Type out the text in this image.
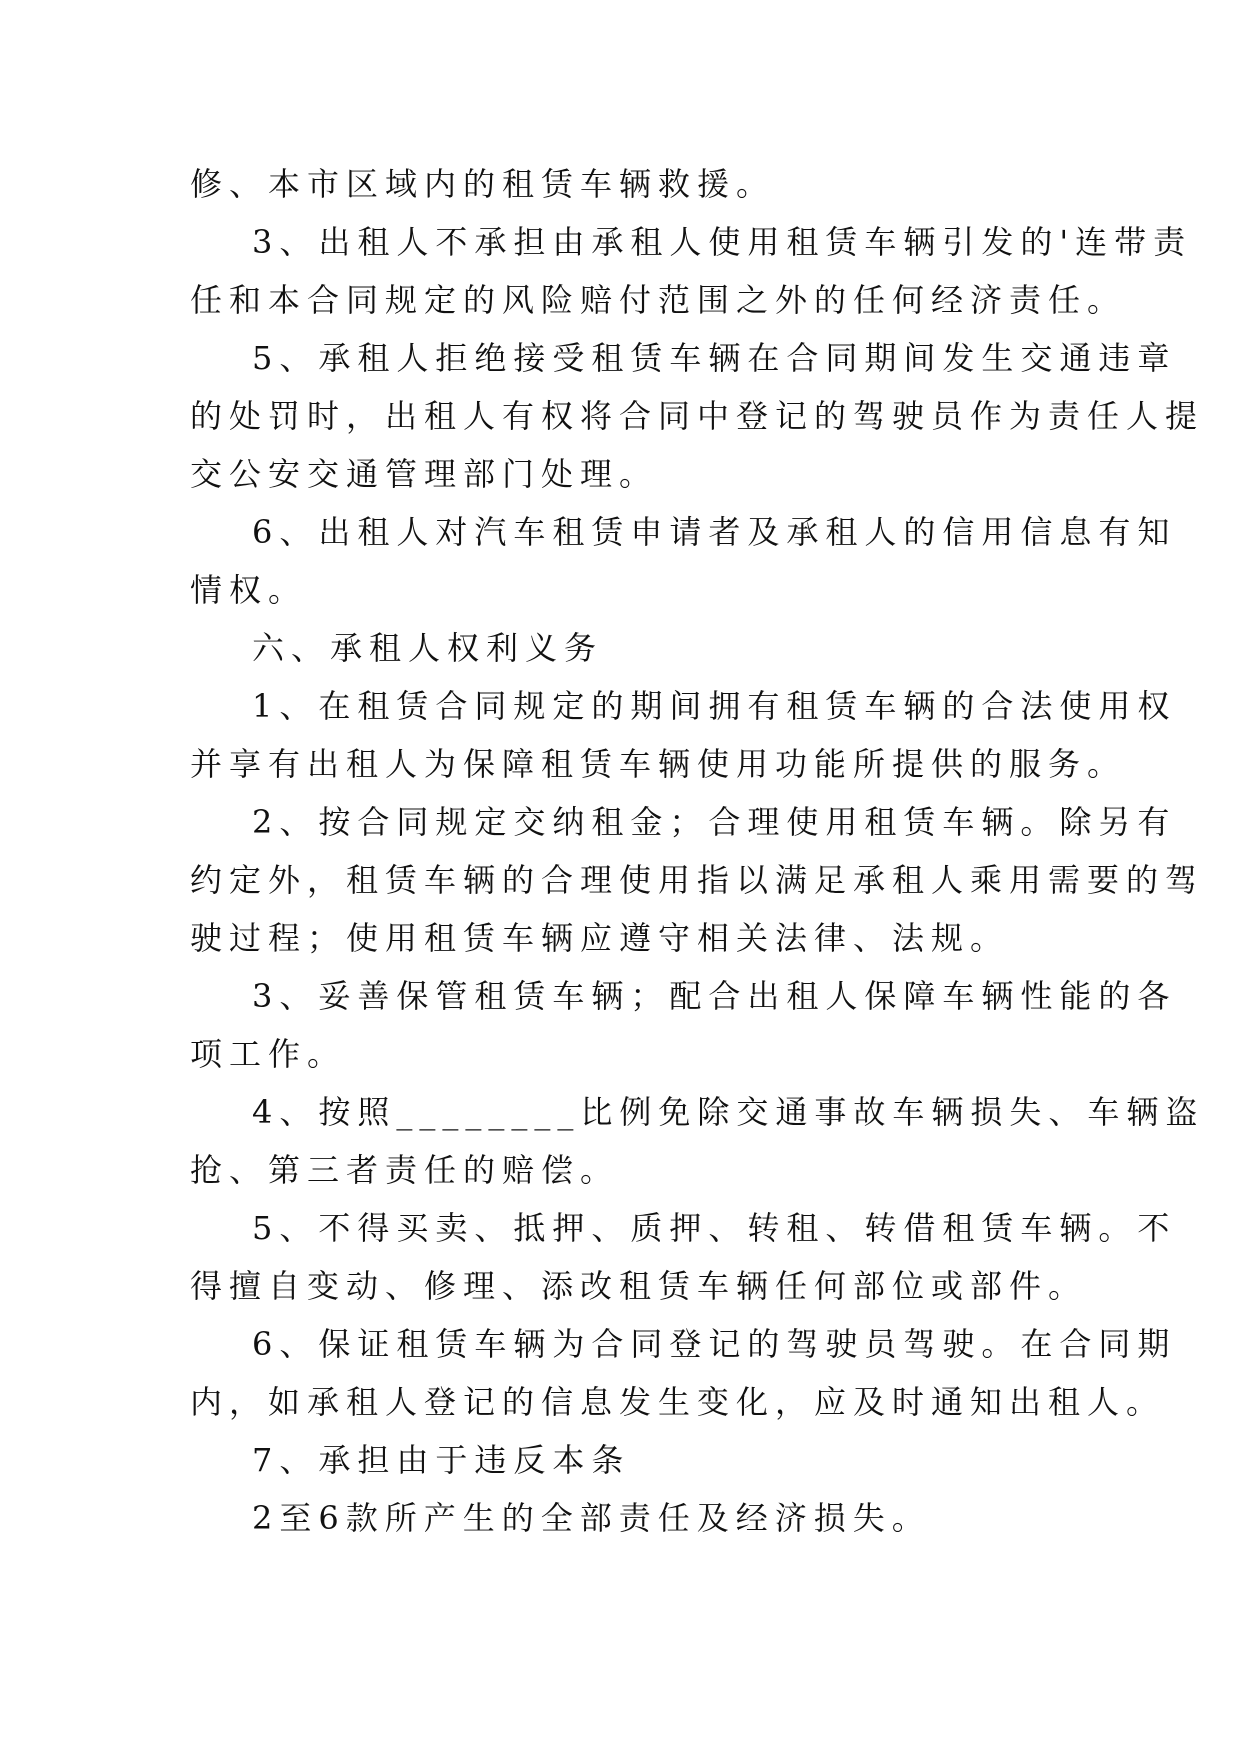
修、本市区域内的租赁车辆救援。
3、出租人不承担由承租人使用租赁车辆引发的'连带责
任和本合同规定的风险赔付范围之外的任何经济责任。
5、承租人拒绝接受租赁车辆在合同期间发生交通违章
的处罚时，出租人有权将合同中登记的驾驶员作为责任人提
交公安交通管理部门处理。
6、出租人对汽车租赁申请者及承租人的信用信息有知
情权。
六、承租人权利义务
1、在租赁合同规定的期间拥有租赁车辆的合法使用权
并享有出租人为保障租赁车辆使用功能所提供的服务。
2、按合同规定交纳租金；合理使用租赁车辆。除另有
约定外，租赁车辆的合理使用指以满足承租人乘用需要的驾
驶过程；使用租赁车辆应遵守相关法律、法规。
3、妥善保管租赁车辆；配合出租人保障车辆性能的各
项工作。
4、按照________比例免除交通事故车辆损失、车辆盗
抢、第三者责任的赔偿。
5、不得买卖、抵押、质押、转租、转借租赁车辆。不
得擅自变动、修理、添改租赁车辆任何部位或部件。
6、保证租赁车辆为合同登记的驾驶员驾驶。在合同期
内，如承租人登记的信息发生变化，应及时通知出租人。
7、承担由于违反本条
2至6款所产生的全部责任及经济损失。
